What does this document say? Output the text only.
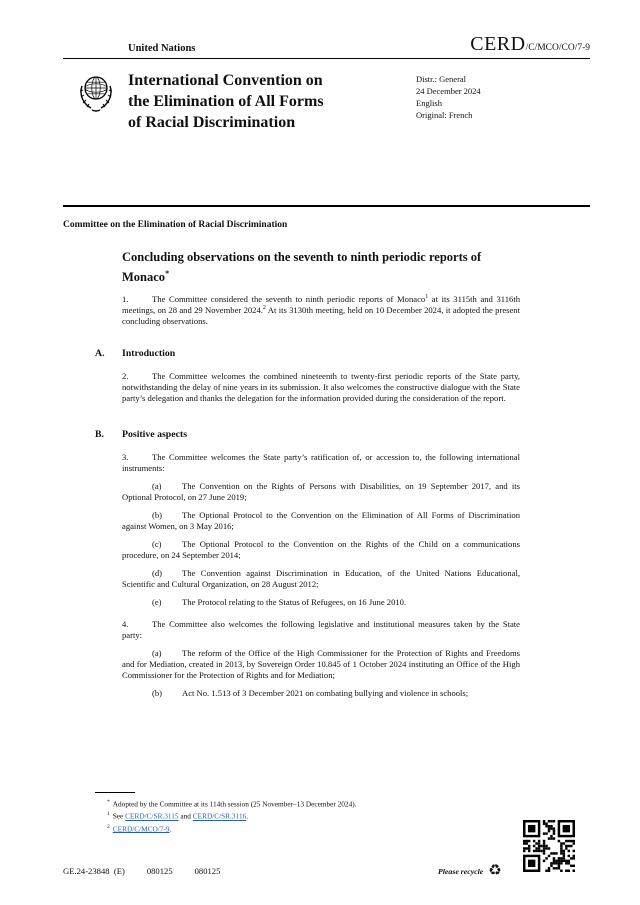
United Nations	CERD/C/MCO/CO/7-9
International Convention on
the Elimination of All Forms
of Racial Discrimination
Distr.: General
24 December 2024
English
Original: French
Committee on the Elimination of Racial Discrimination
Concluding observations on the seventh to ninth periodic reports of Monaco*

1.	The Committee considered the seventh to ninth periodic reports of Monaco$^1$ at its 3115th and 3116th meetings, on 28 and 29 November 2024.$^2$ At its 3130th meeting, held on 10 December 2024, it adopted the present concluding observations.

A.	Introduction

2.	The Committee welcomes the combined nineteenth to twenty-first periodic reports of the State party, notwithstanding the delay of nine years in its submission. It also welcomes the constructive dialogue with the State party’s delegation and thanks the delegation for the information provided during the consideration of the report.

B.	Positive aspects

3.	The Committee welcomes the State party’s ratification of, or accession to, the following international instruments:

(a) The Convention on the Rights of Persons with Disabilities, on 19 September 2017, and its Optional Protocol, on 27 June 2019;

(b) The Optional Protocol to the Convention on the Elimination of All Forms of Discrimination against Women, on 3 May 2016;

(c) The Optional Protocol to the Convention on the Rights of the Child on a communications procedure, on 24 September 2014;

(d) The Convention against Discrimination in Education, of the United Nations Educational, Scientific and Cultural Organization, on 28 August 2012;

(e) The Protocol relating to the Status of Refugees, on 16 June 2010.

4.	The Committee also welcomes the following legislative and institutional measures taken by the State party:

(a) The reform of the Office of the High Commissioner for the Protection of Rights and Freedoms and for Mediation, created in 2013, by Sovereign Order 10.845 of 1 October 2024 instituting an Office of the High Commissioner for the Protection of Rights and for Mediation;

(b) Act No. 1.513 of 3 December 2021 on combating bullying and violence in schools;

* Adopted by the Committee at its 114th session (25 November–13 December 2024).
$^1$ See CERD/C/SR.3115 and CERD/C/SR.3116.
$^2$ CERD/C/MCO/7-9.
GE.24-23848  (E)	080125	080125	Please recycle ♻
